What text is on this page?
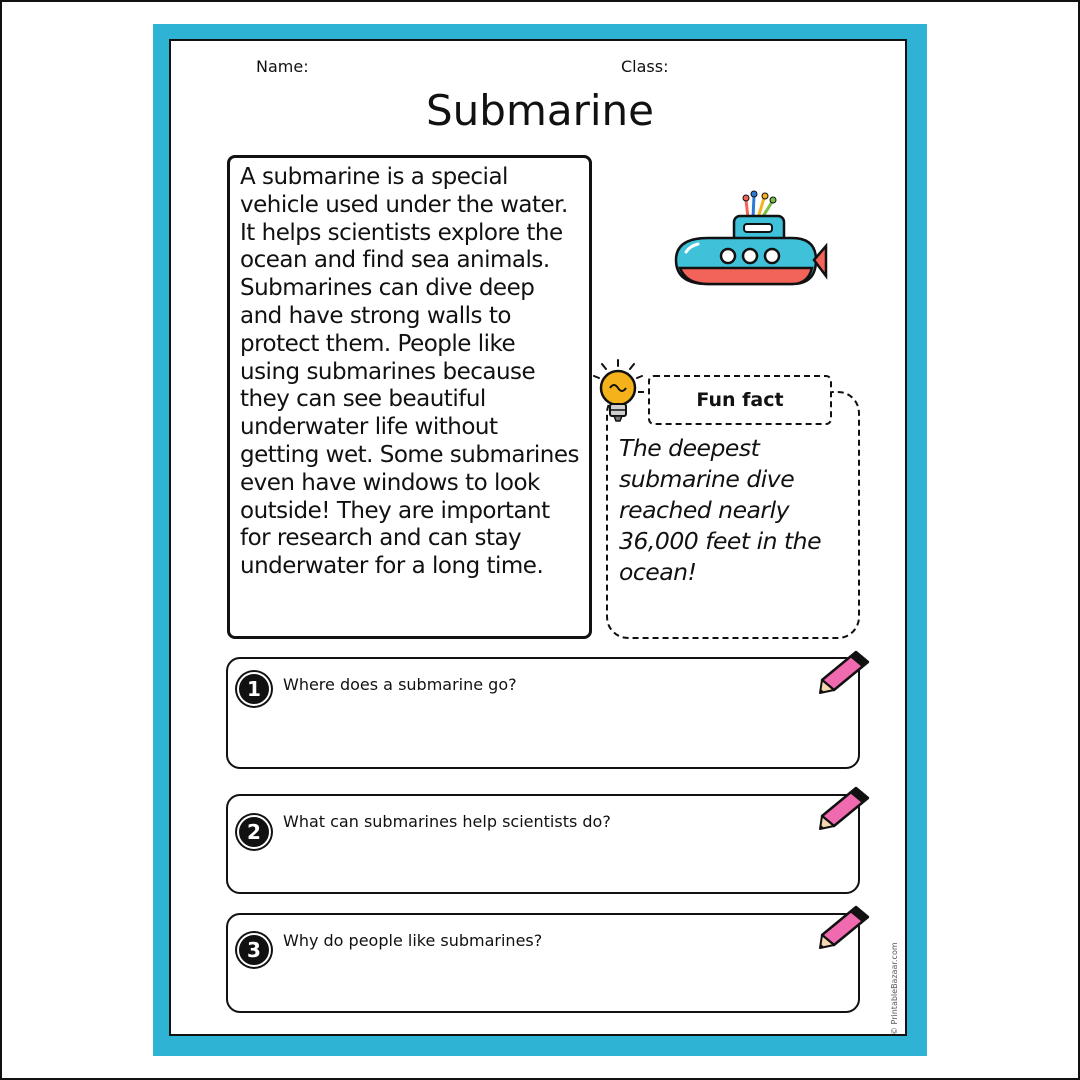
Name:	Class:
Submarine

A submarine is a special vehicle used under the water. It helps scientists explore the ocean and find sea animals. Submarines can dive deep and have strong walls to protect them. People like using submarines because they can see beautiful underwater life without getting wet. Some submarines even have windows to look outside! They are important for research and can stay underwater for a long time.

Fun fact
The deepest submarine dive reached nearly 36,000 feet in the ocean!
1	Where does a submarine go?
2	What can submarines help scientists do?
3	Why do people like submarines?
© PrintableBazaar.com
